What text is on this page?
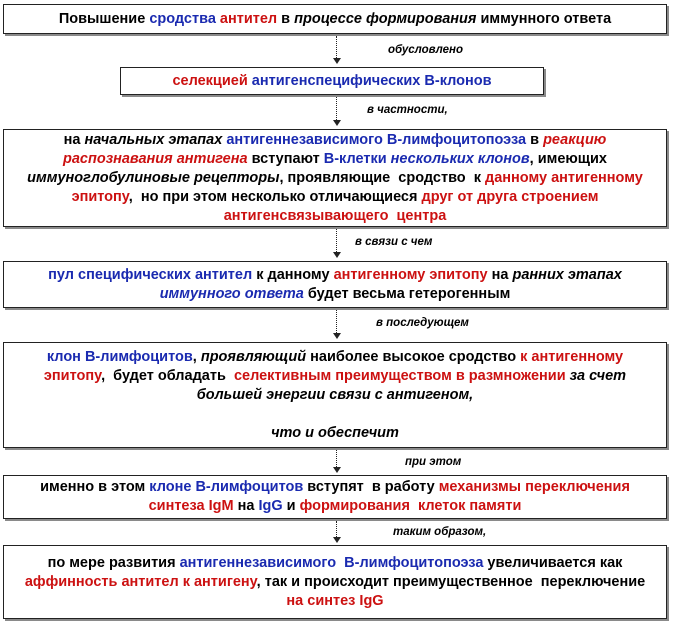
Повышение сродства антител в процессе формирования иммунного ответа

селекцией антигенспецифических В-клонов

на начальных этапах антигеннезависимого В-лимфоцитопоэза в реакцию

распознавания антигена вступают В-клетки нескольких клонов, имеющих

иммуноглобулиновые рецепторы, проявляющие  сродство  к данному антигенному

эпитопу,  но при этом несколько отличающиеся друг от друга строением

антигенсвязывающего  центра

пул специфических антител к данному антигенному эпитопу на ранних этапах

иммунного ответа будет весьма гетерогенным

клон В-лимфоцитов, проявляющий наиболее высокое сродство к антигенному

эпитопу,  будет обладать  селективным преимуществом в размножении за счет

большей энергии связи с антигеном,

что и обеспечит

именно в этом клоне В-лимфоцитов вступят  в работу механизмы переключения

синтеза IgM на IgG и формирования  клеток памяти

по мере развития антигеннезависимого  В-лимфоцитопоэза увеличивается как

аффинность антител к антигену, так и происходит преимущественное  переключение

на синтез IgG

обусловлено
в частности,
в связи с чем
в последующем
при этом
таким образом,
